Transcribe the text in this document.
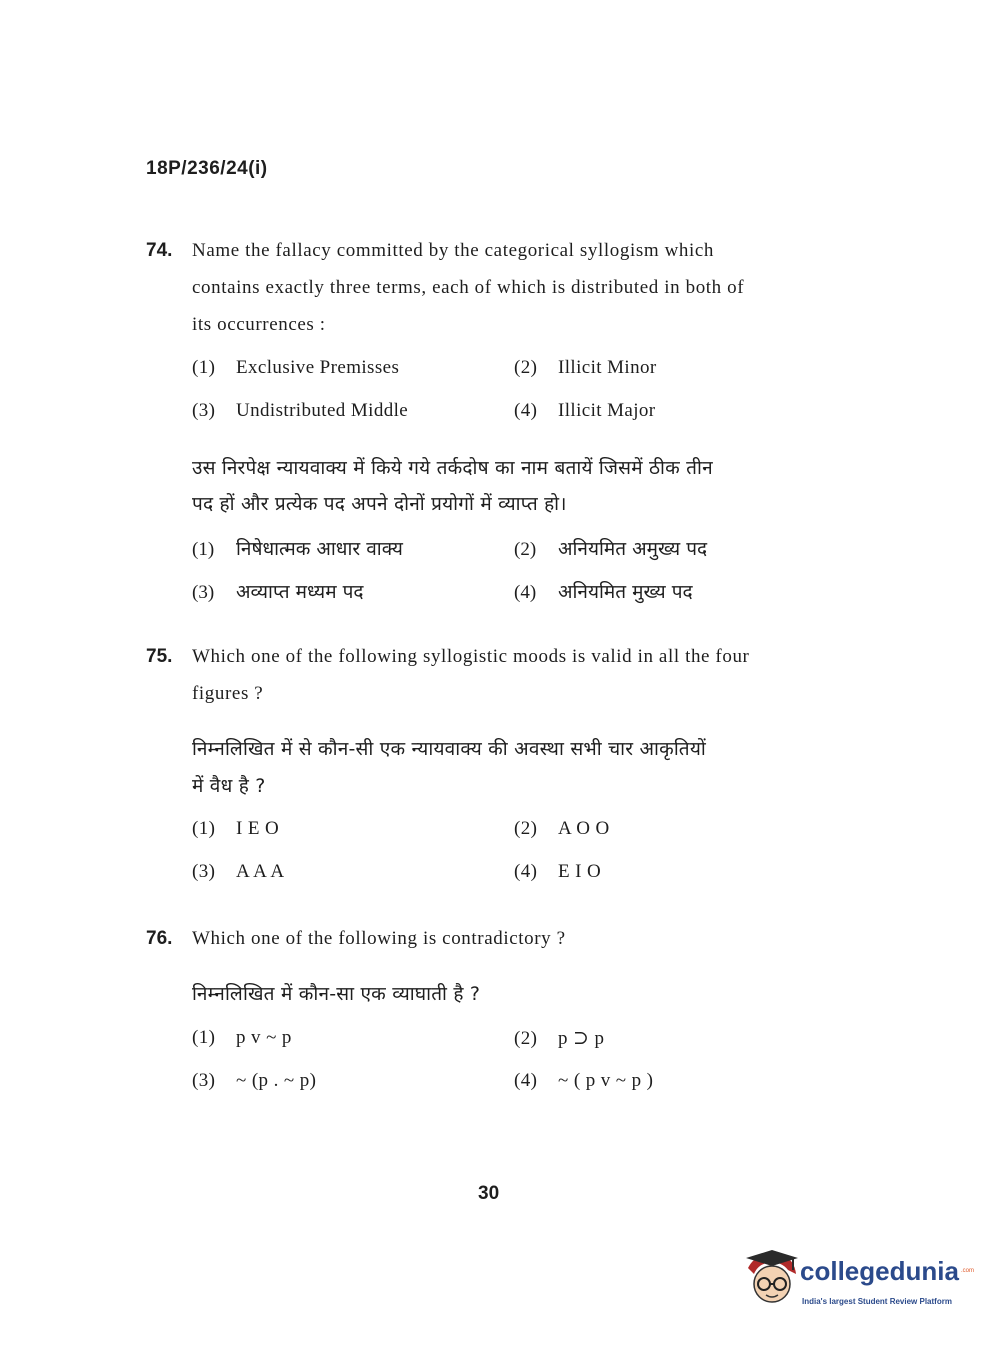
18P/236/24(i)
74. Name the fallacy committed by the categorical syllogism which
contains exactly three terms, each of which is distributed in both of
its occurrences :
(1) Exclusive Premisses	(2) Illicit Minor
(3) Undistributed Middle	(4) Illicit Major
उस निरपेक्ष न्यायवाक्य में किये गये तर्कदोष का नाम बतायें जिसमें ठीक तीन
पद हों और प्रत्येक पद अपने दोनों प्रयोगों में व्याप्त हो।
(1) निषेधात्मक आधार वाक्य	(2) अनियमित अमुख्य पद
(3) अव्याप्त मध्यम पद	(4) अनियमित मुख्य पद
75. Which one of the following syllogistic moods is valid in all the four
figures ?
निम्नलिखित में से कौन-सी एक न्यायवाक्य की अवस्था सभी चार आकृतियों
में वैध है ?
(1) I E O	(2) A O O
(3) A A A	(4) E I O
76. Which one of the following is contradictory ?
निम्नलिखित में कौन-सा एक व्याघाती है ?
(1) p v ~ p	(2) p ⊃ p
(3) ~ (p . ~ p)	(4) ~ ( p v ~ p )
30
collegedunia .com
India's largest Student Review Platform
